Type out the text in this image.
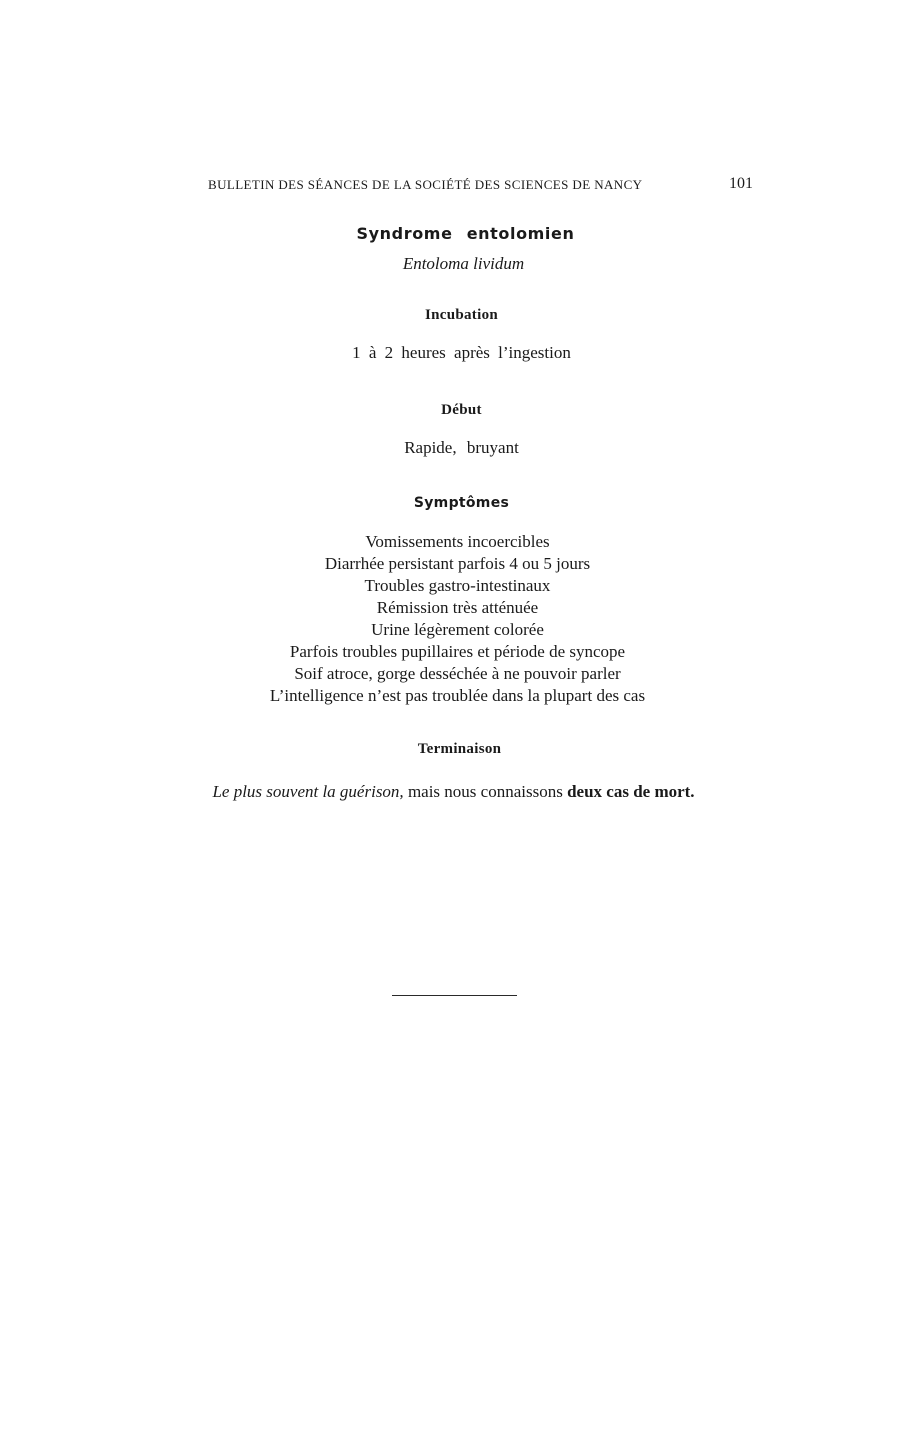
BULLETIN DES SÉANCES DE LA SOCIÉTÉ DES SCIENCES DE NANCY	101
Syndrome entolomien
Entoloma lividum
Incubation
1 à 2 heures après l’ingestion
Début
Rapide, bruyant
Symptômes
Vomissements incoercibles
Diarrhée persistant parfois 4 ou 5 jours
Troubles gastro-intestinaux
Rémission très atténuée
Urine légèrement colorée
Parfois troubles pupillaires et période de syncope
Soif atroce, gorge desséchée à ne pouvoir parler
L’intelligence n’est pas troublée dans la plupart des cas
Terminaison
Le plus souvent la guérison, mais nous connaissons deux cas de mort.
